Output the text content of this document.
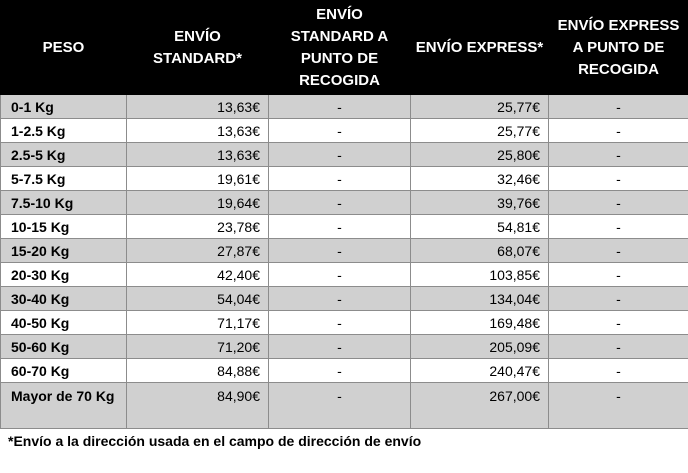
PESO	ENVÍO STANDARD*	ENVÍO STANDARD A PUNTO DE RECOGIDA	ENVÍO EXPRESS*	ENVÍO EXPRESS A PUNTO DE RECOGIDA
0-1 Kg	13,63€	-	25,77€	-
1-2.5 Kg	13,63€	-	25,77€	-
2.5-5 Kg	13,63€	-	25,80€	-
5-7.5 Kg	19,61€	-	32,46€	-
7.5-10 Kg	19,64€	-	39,76€	-
10-15 Kg	23,78€	-	54,81€	-
15-20 Kg	27,87€	-	68,07€	-
20-30 Kg	42,40€	-	103,85€	-
30-40 Kg	54,04€	-	134,04€	-
40-50 Kg	71,17€	-	169,48€	-
50-60 Kg	71,20€	-	205,09€	-
60-70 Kg	84,88€	-	240,47€	-
Mayor de 70 Kg	84,90€	-	267,00€	-
*Envío a la dirección usada en el campo de dirección de envío
